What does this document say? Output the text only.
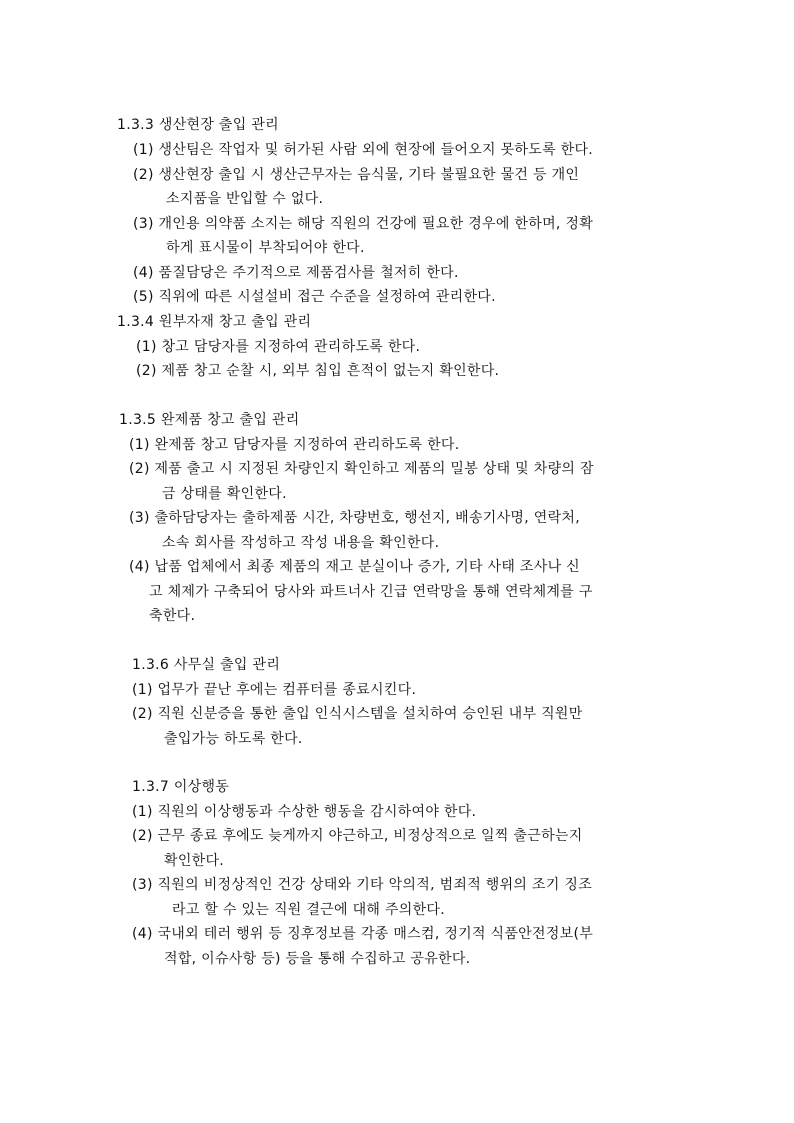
1.3.3 생산현장 출입 관리
(1) 생산팀은 작업자 및 허가된 사람 외에 현장에 들어오지 못하도록 한다.
(2) 생산현장 출입 시 생산근무자는 음식물, 기타 불필요한 물건 등 개인
소지품을 반입할 수 없다.
(3) 개인용 의약품 소지는 해당 직원의 건강에 필요한 경우에 한하며, 정확
하게 표시물이 부착되어야 한다.
(4) 품질담당은 주기적으로 제품검사를 철저히 한다.
(5) 직위에 따른 시설설비 접근 수준을 설정하여 관리한다.
1.3.4 원부자재 창고 출입 관리
(1) 창고 담당자를 지정하여 관리하도록 한다.
(2) 제품 창고 순찰 시, 외부 침입 흔적이 없는지 확인한다.
1.3.5 완제품 창고 출입 관리
(1) 완제품 창고 담당자를 지정하여 관리하도록 한다.
(2) 제품 출고 시 지정된 차량인지 확인하고 제품의 밀봉 상태 및 차량의 잠
금 상태를 확인한다.
(3) 출하담당자는 출하제품 시간, 차량번호, 행선지, 배송기사명, 연락처,
소속 회사를 작성하고 작성 내용을 확인한다.
(4) 납품 업체에서 최종 제품의 재고 분실이나 증가, 기타 사태 조사나 신
고 체제가 구축되어 당사와 파트너사 긴급 연락망을 통해 연락체계를 구
축한다.
1.3.6 사무실 출입 관리
(1) 업무가 끝난 후에는 컴퓨터를 종료시킨다.
(2) 직원 신분증을 통한 출입 인식시스템을 설치하여 승인된 내부 직원만
출입가능 하도록 한다.
1.3.7 이상행동
(1) 직원의 이상행동과 수상한 행동을 감시하여야 한다.
(2) 근무 종료 후에도 늦게까지 야근하고, 비정상적으로 일찍 출근하는지
확인한다.
(3) 직원의 비정상적인 건강 상태와 기타 악의적, 범죄적 행위의 조기 징조
라고 할 수 있는 직원 결근에 대해 주의한다.
(4) 국내외 테러 행위 등 징후정보를 각종 매스컴, 정기적 식품안전정보(부
적합, 이슈사항 등) 등을 통해 수집하고 공유한다.
